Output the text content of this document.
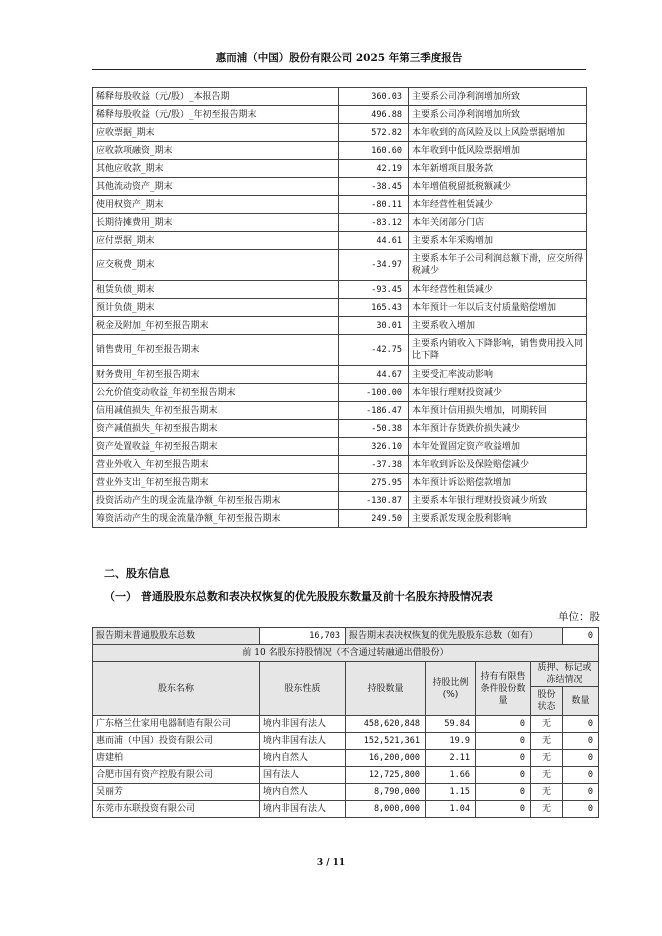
惠而浦（中国）股份有限公司 2025 年第三季度报告
稀释每股收益（元/股）_本报告期	360.03	主要系公司净利润增加所致
稀释每股收益（元/股）_年初至报告期末	496.88	主要系公司净利润增加所致
应收票据_期末	572.82	本年收到的高风险及以上风险票据增加
应收款项融资_期末	160.60	本年收到中低风险票据增加
其他应收款_期末	42.19	本年新增项目服务款
其他流动资产_期末	-38.45	本年增值税留抵税额减少
使用权资产_期末	-80.11	本年经营性租赁减少
长期待摊费用_期末	-83.12	本年关闭部分门店
应付票据_期末	44.61	主要系本年采购增加
应交税费_期末	-34.97	主要系本年子公司利润总额下滑，应交所得税减少
租赁负债_期末	-93.45	本年经营性租赁减少
预计负债_期末	165.43	本年预计一年以后支付质量赔偿增加
税金及附加_年初至报告期末	30.01	主要系收入增加
销售费用_年初至报告期末	-42.75	主要系内销收入下降影响，销售费用投入同比下降
财务费用_年初至报告期末	44.67	主要受汇率波动影响
公允价值变动收益_年初至报告期末	-100.00	本年银行理财投资减少
信用减值损失_年初至报告期末	-186.47	本年预计信用损失增加，同期转回
资产减值损失_年初至报告期末	-50.38	本年预计存货跌价损失减少
资产处置收益_年初至报告期末	326.10	本年处置固定资产收益增加
营业外收入_年初至报告期末	-37.38	本年收到诉讼及保险赔偿减少
营业外支出_年初至报告期末	275.95	本年预计诉讼赔偿款增加
投资活动产生的现金流量净额_年初至报告期末	-130.87	主要系本年银行理财投资减少所致
筹资活动产生的现金流量净额_年初至报告期末	249.50	主要系派发现金股利影响
二、股东信息
（一） 普通股股东总数和表决权恢复的优先股股东数量及前十名股东持股情况表
单位：股
报告期末普通股股东总数	16,703	报告期末表决权恢复的优先股股东总数（如有）				0
前 10 名股东持股情况（不含通过转融通出借股份）						
股东名称	股东性质	持股数量	持股比例(%)	持有有限售条件股份数量	质押、标记或冻结情况	
					股份状态	数量
广东格兰仕家用电器制造有限公司	境内非国有法人	458,620,848	59.84	0	无	0
惠而浦（中国）投资有限公司	境内非国有法人	152,521,361	19.9	0	无	0
唐建柏	境内自然人	16,200,000	2.11	0	无	0
合肥市国有资产控股有限公司	国有法人	12,725,800	1.66	0	无	0
吴丽芳	境内自然人	8,790,000	1.15	0	无	0
东莞市东联投资有限公司	境内非国有法人	8,000,000	1.04	0	无	0
3 / 11
